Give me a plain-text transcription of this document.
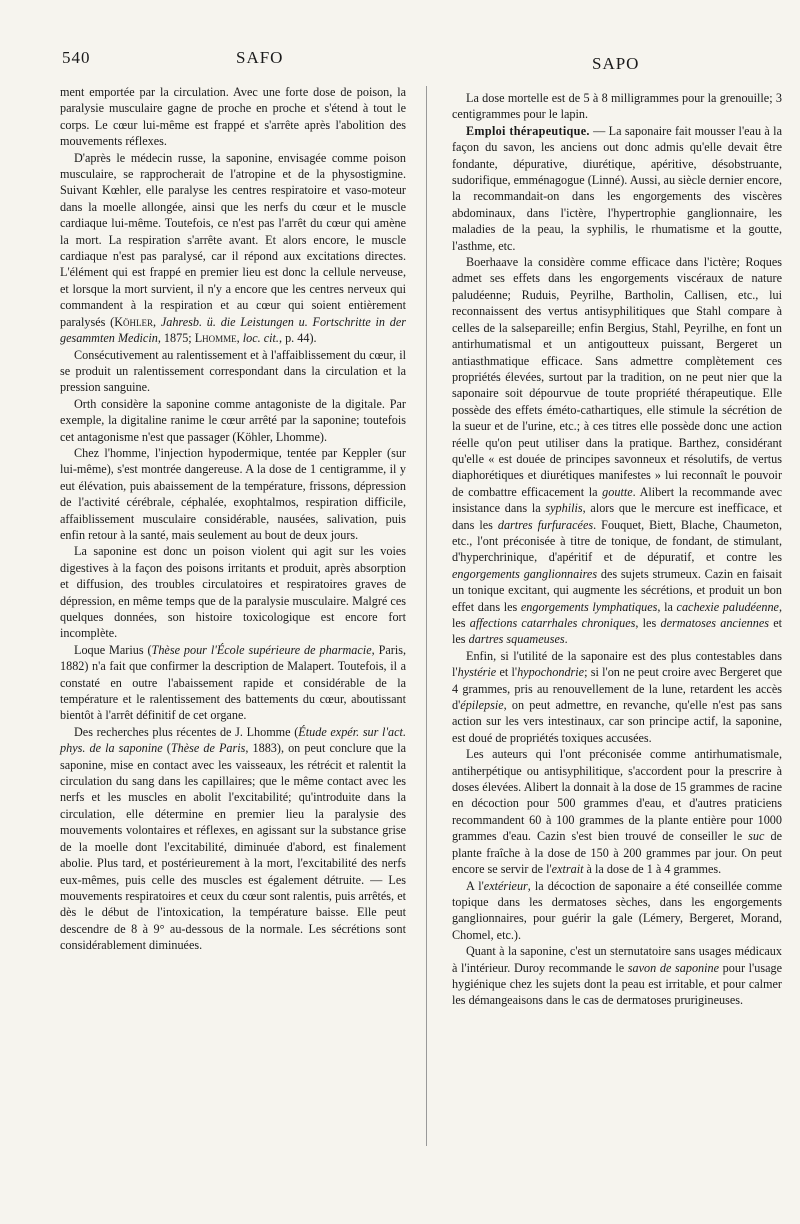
540	SAFO	SAPO

ment emportée par la circulation. Avec une forte dose de poison, la paralysie musculaire gagne de proche en proche et s'étend à tout le corps. Le cœur lui-même est frappé et s'arrête après l'abolition des mouvements réflexes.

D'après le médecin russe, la saponine, envisagée comme poison musculaire, se rapprocherait de l'atropine et de la physostigmine. Suivant Kœhler, elle paralyse les centres respiratoire et vaso-moteur dans la moelle allongée, ainsi que les nerfs du cœur et le muscle cardiaque lui-même. Toutefois, ce n'est pas l'arrêt du cœur qui amène la mort. La respiration s'arrête avant. Et alors encore, le muscle cardiaque n'est pas paralysé, car il répond aux excitations directes. L'élément qui est frappé en premier lieu est donc la cellule nerveuse, et lorsque la mort survient, il n'y a encore que les centres nerveux qui commandent à la respiration et au cœur qui soient entièrement paralysés (Köhler, Jahresb. ü. die Leistungen u. Fortschritte in der gesammten Medicin, 1875; Lhomme, loc. cit., p. 44).

Consécutivement au ralentissement et à l'affaiblissement du cœur, il se produit un ralentissement correspondant dans la circulation et la pression sanguine.

Orth considère la saponine comme antagoniste de la digitale. Par exemple, la digitaline ranime le cœur arrêté par la saponine; toutefois cet antagonisme n'est que passager (Köhler, Lhomme).

Chez l'homme, l'injection hypodermique, tentée par Keppler (sur lui-même), s'est montrée dangereuse. A la dose de 1 centigramme, il y eut élévation, puis abaissement de la température, frissons, dépression de l'activité cérébrale, céphalée, exophtalmos, respiration difficile, affaiblissement musculaire considérable, nausées, salivation, puis enfin retour à la santé, mais seulement au bout de deux jours.

La saponine est donc un poison violent qui agit sur les voies digestives à la façon des poisons irritants et produit, après absorption et diffusion, des troubles circulatoires et respiratoires graves de dépression, en même temps que de la paralysie musculaire. Malgré ces quelques données, son histoire toxicologique est encore fort incomplète.

Loque Marius (Thèse pour l'École supérieure de pharmacie, Paris, 1882) n'a fait que confirmer la description de Malapert. Toutefois, il a constaté en outre l'abaissement rapide et considérable de la température et le ralentissement des battements du cœur, aboutissant bientôt à l'arrêt définitif de cet organe.

Des recherches plus récentes de J. Lhomme (Étude expér. sur l'act. phys. de la saponine (Thèse de Paris, 1883), on peut conclure que la saponine, mise en contact avec les vaisseaux, les rétrécit et ralentit la circulation du sang dans les capillaires; que le même contact avec les nerfs et les muscles en abolit l'excitabilité; qu'introduite dans la circulation, elle détermine en premier lieu la paralysie des mouvements volontaires et réflexes, en agissant sur la substance grise de la moelle dont l'excitabilité, diminuée d'abord, est finalement abolie. Plus tard, et postérieurement à la mort, l'excitabilité des nerfs eux-mêmes, puis celle des muscles est également détruite. — Les mouvements respiratoires et ceux du cœur sont ralentis, puis arrêtés, et dès le début de l'intoxication, la température baisse. Elle peut descendre de 8 à 9° au-dessous de la normale. Les sécrétions sont considérablement diminuées.

La dose mortelle est de 5 à 8 milligrammes pour la grenouille; 3 centigrammes pour le lapin.

Emploi thérapeutique. — La saponaire fait mousser l'eau à la façon du savon, les anciens out donc admis qu'elle devait être fondante, dépurative, diurétique, apéritive, désobstruante, sudorifique, emménagogue (Linné). Aussi, au siècle dernier encore, la recommandait-on dans les engorgements des viscères abdominaux, dans l'ictère, l'hypertrophie ganglionnaire, les maladies de la peau, la syphilis, le rhumatisme et la goutte, l'asthme, etc.

Boerhaave la considère comme efficace dans l'ictère; Roques admet ses effets dans les engorgements viscéraux de nature paludéenne; Ruduis, Peyrilhe, Bartholin, Callisen, etc., lui reconnaissent des vertus antisyphilitiques que Stahl compare à celles de la salsepareille; enfin Bergius, Stahl, Peyrilhe, en font un antirhumatismal et un antigoutteux puissant, Bergeret un antiasthmatique efficace. Sans admettre complètement ces propriétés élevées, surtout par la tradition, on ne peut nier que la saponaire soit dépourvue de toute propriété thérapeutique. Elle possède des effets éméto-cathartiques, elle stimule la sécrétion de la sueur et de l'urine, etc.; à ces titres elle possède donc une action réelle qu'on peut utiliser dans la pratique. Barthez, considérant qu'elle « est douée de principes savonneux et résolutifs, de vertus diaphorétiques et diurétiques manifestes » lui reconnaît le pouvoir de combattre efficacement la goutte. Alibert la recommande avec insistance dans la syphilis, alors que le mercure est inefficace, et dans les dartres furfuracées. Fouquet, Biett, Blache, Chaumeton, etc., l'ont préconisée à titre de tonique, de fondant, de stimulant, d'hyperchrinique, d'apéritif et de dépuratif, et contre les engorgements ganglionnaires des sujets strumeux. Cazin en faisait un tonique excitant, qui augmente les sécrétions, et produit un bon effet dans les engorgements lymphatiques, la cachexie paludéenne, les affections catarrhales chroniques, les dermatoses anciennes et les dartres squameuses.

Enfin, si l'utilité de la saponaire est des plus contestables dans l'hystérie et l'hypochondrie; si l'on ne peut croire avec Bergeret que 4 grammes, pris au renouvellement de la lune, retardent les accès d'épilepsie, on peut admettre, en revanche, qu'elle n'est pas sans action sur les vers intestinaux, car son principe actif, la saponine, est doué de propriétés toxiques accusées.

Les auteurs qui l'ont préconisée comme antirhumatismale, antiherpétique ou antisyphilitique, s'accordent pour la prescrire à doses élevées. Alibert la donnait à la dose de 15 grammes de racine en décoction pour 500 grammes d'eau, et d'autres praticiens recommandent 60 à 100 grammes de la plante entière pour 1000 grammes d'eau. Cazin s'est bien trouvé de conseiller le suc de plante fraîche à la dose de 150 à 200 grammes par jour. On peut encore se servir de l'extrait à la dose de 1 à 4 grammes.

A l'extérieur, la décoction de saponaire a été conseillée comme topique dans les dermatoses sèches, dans les engorgements ganglionnaires, pour guérir la gale (Lémery, Bergeret, Morand, Chomel, etc.).

Quant à la saponine, c'est un sternutatoire sans usages médicaux à l'intérieur. Duroy recommande le savon de saponine pour l'usage hygiénique chez les sujets dont la peau est irritable, et pour calmer les démangeaisons dans le cas de dermatoses prurigineuses.
